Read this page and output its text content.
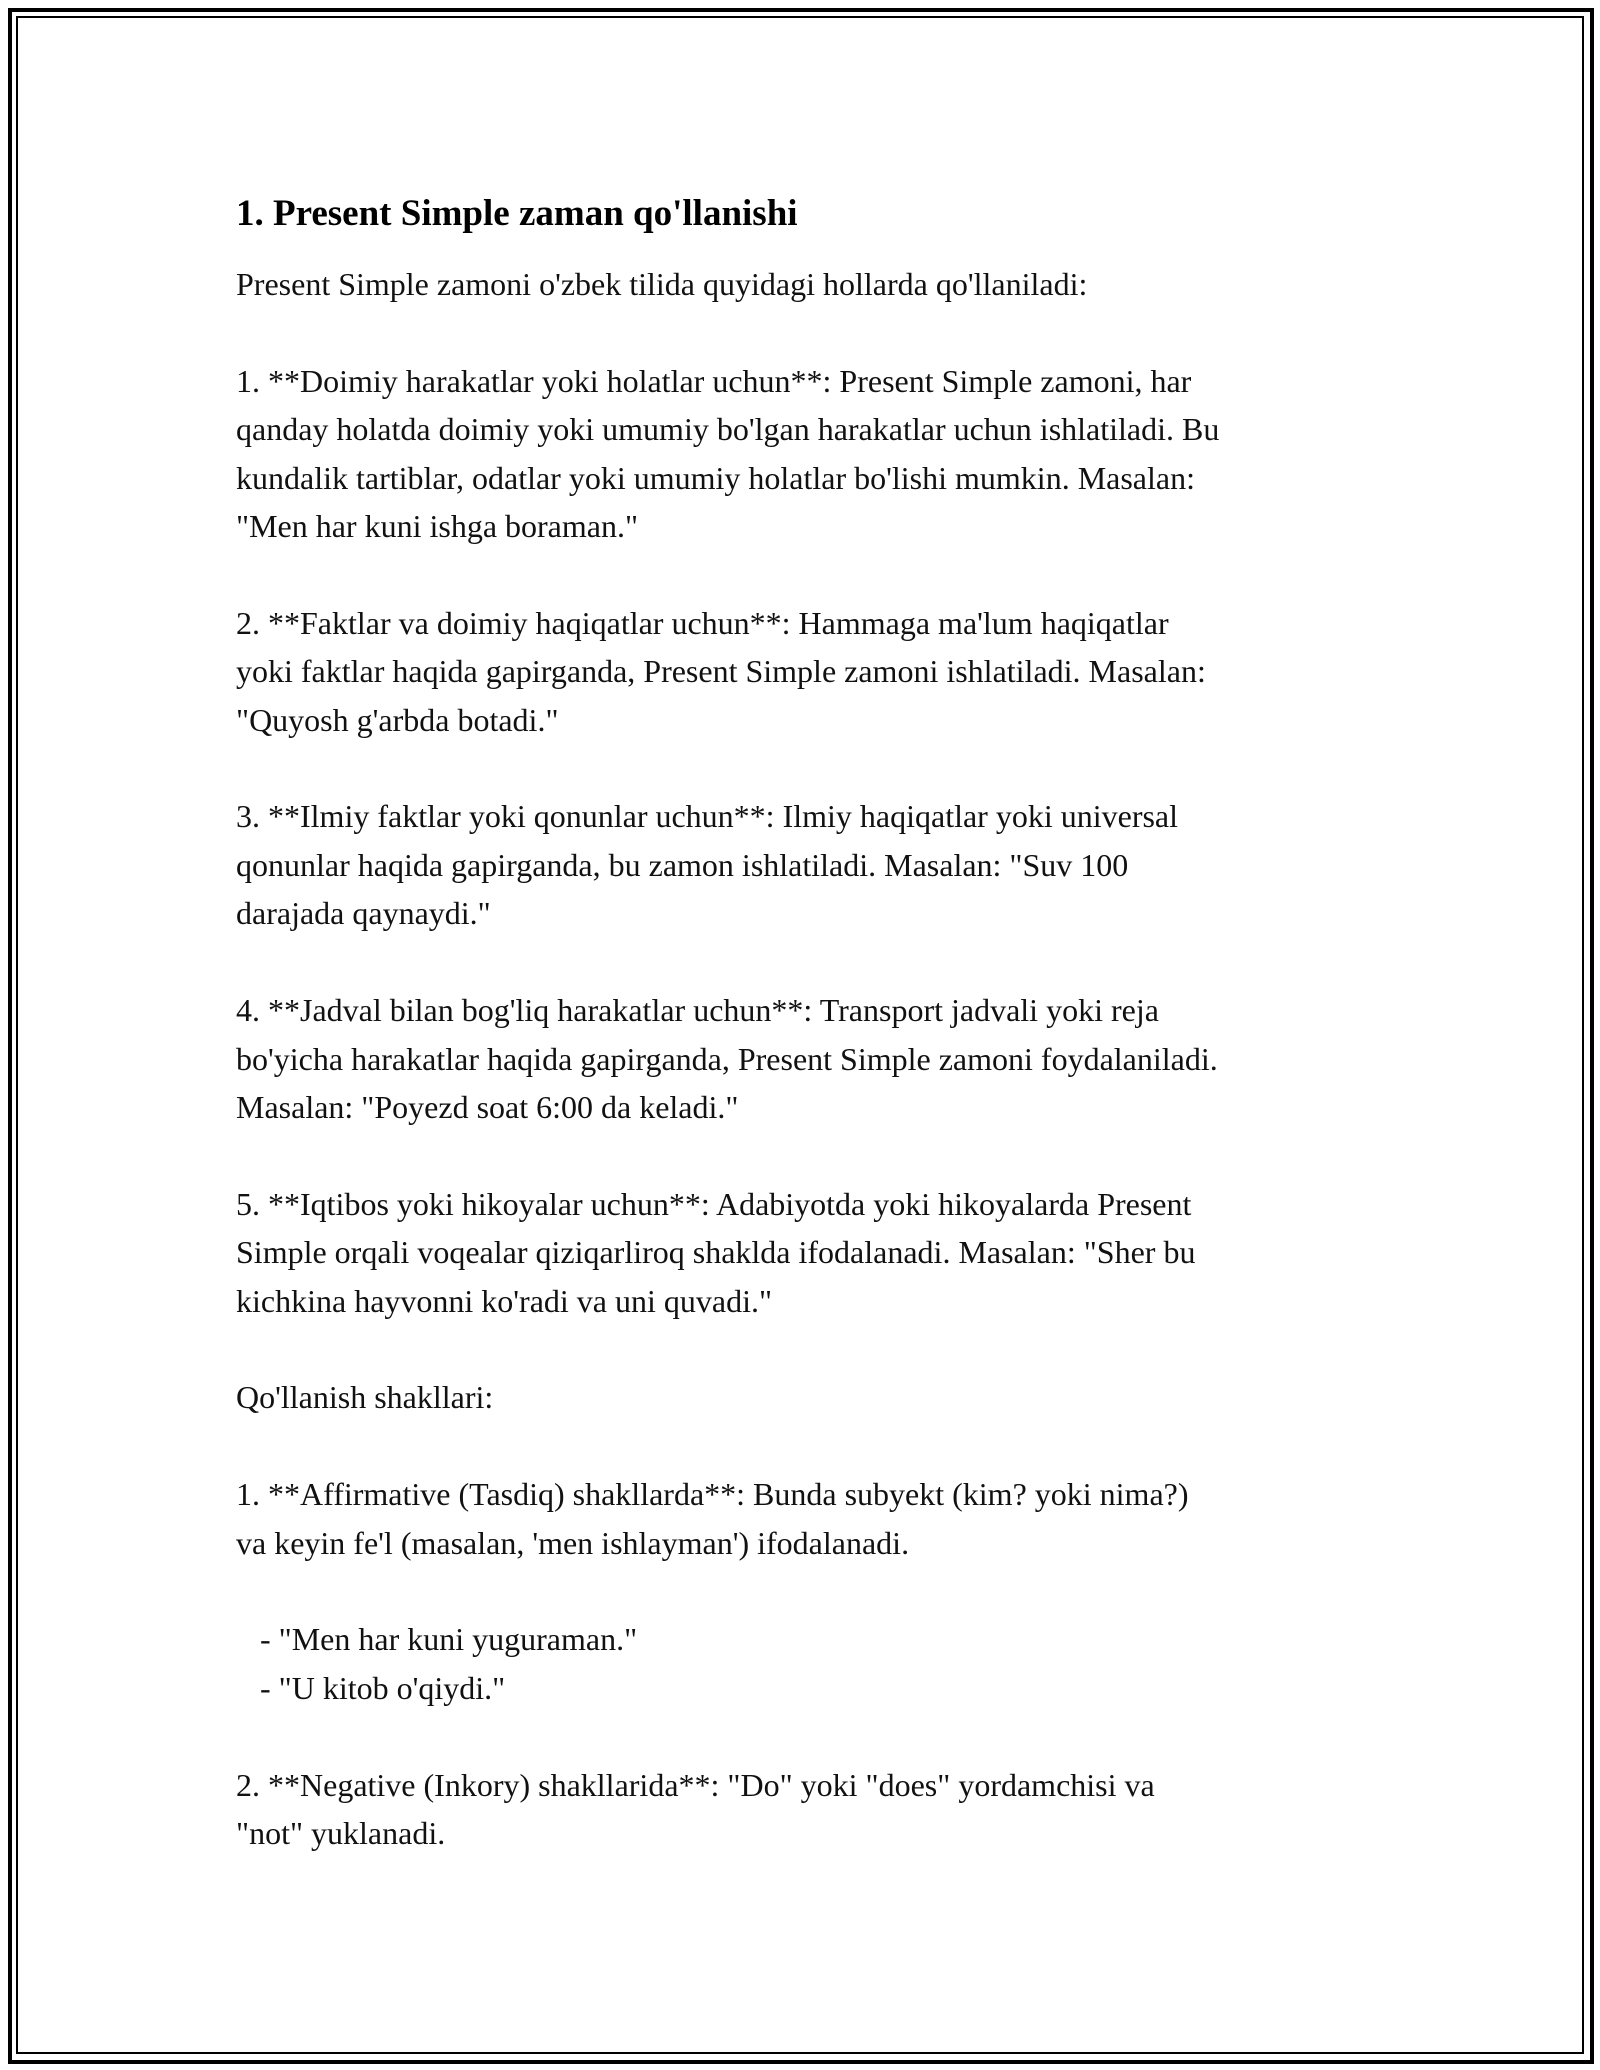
1. Present Simple zaman qo'llanishi

Present Simple zamoni o'zbek tilida quyidagi hollarda qo'llaniladi:

1. **Doimiy harakatlar yoki holatlar uchun**: Present Simple zamoni, har
qanday holatda doimiy yoki umumiy bo'lgan harakatlar uchun ishlatiladi. Bu
kundalik tartiblar, odatlar yoki umumiy holatlar bo'lishi mumkin. Masalan:
"Men har kuni ishga boraman."

2. **Faktlar va doimiy haqiqatlar uchun**: Hammaga ma'lum haqiqatlar
yoki faktlar haqida gapirganda, Present Simple zamoni ishlatiladi. Masalan:
"Quyosh g'arbda botadi."

3. **Ilmiy faktlar yoki qonunlar uchun**: Ilmiy haqiqatlar yoki universal
qonunlar haqida gapirganda, bu zamon ishlatiladi. Masalan: "Suv 100
darajada qaynaydi."

4. **Jadval bilan bog'liq harakatlar uchun**: Transport jadvali yoki reja
bo'yicha harakatlar haqida gapirganda, Present Simple zamoni foydalaniladi.
Masalan: "Poyezd soat 6:00 da keladi."

5. **Iqtibos yoki hikoyalar uchun**: Adabiyotda yoki hikoyalarda Present
Simple orqali voqealar qiziqarliroq shaklda ifodalanadi. Masalan: "Sher bu
kichkina hayvonni ko'radi va uni quvadi."

Qo'llanish shakllari:

1. **Affirmative (Tasdiq) shakllarda**: Bunda subyekt (kim? yoki nima?)
va keyin fe'l (masalan, 'men ishlayman') ifodalanadi.

- "Men har kuni yuguraman."
- "U kitob o'qiydi."

2. **Negative (Inkory) shakllarida**: "Do" yoki "does" yordamchisi va
"not" yuklanadi.
